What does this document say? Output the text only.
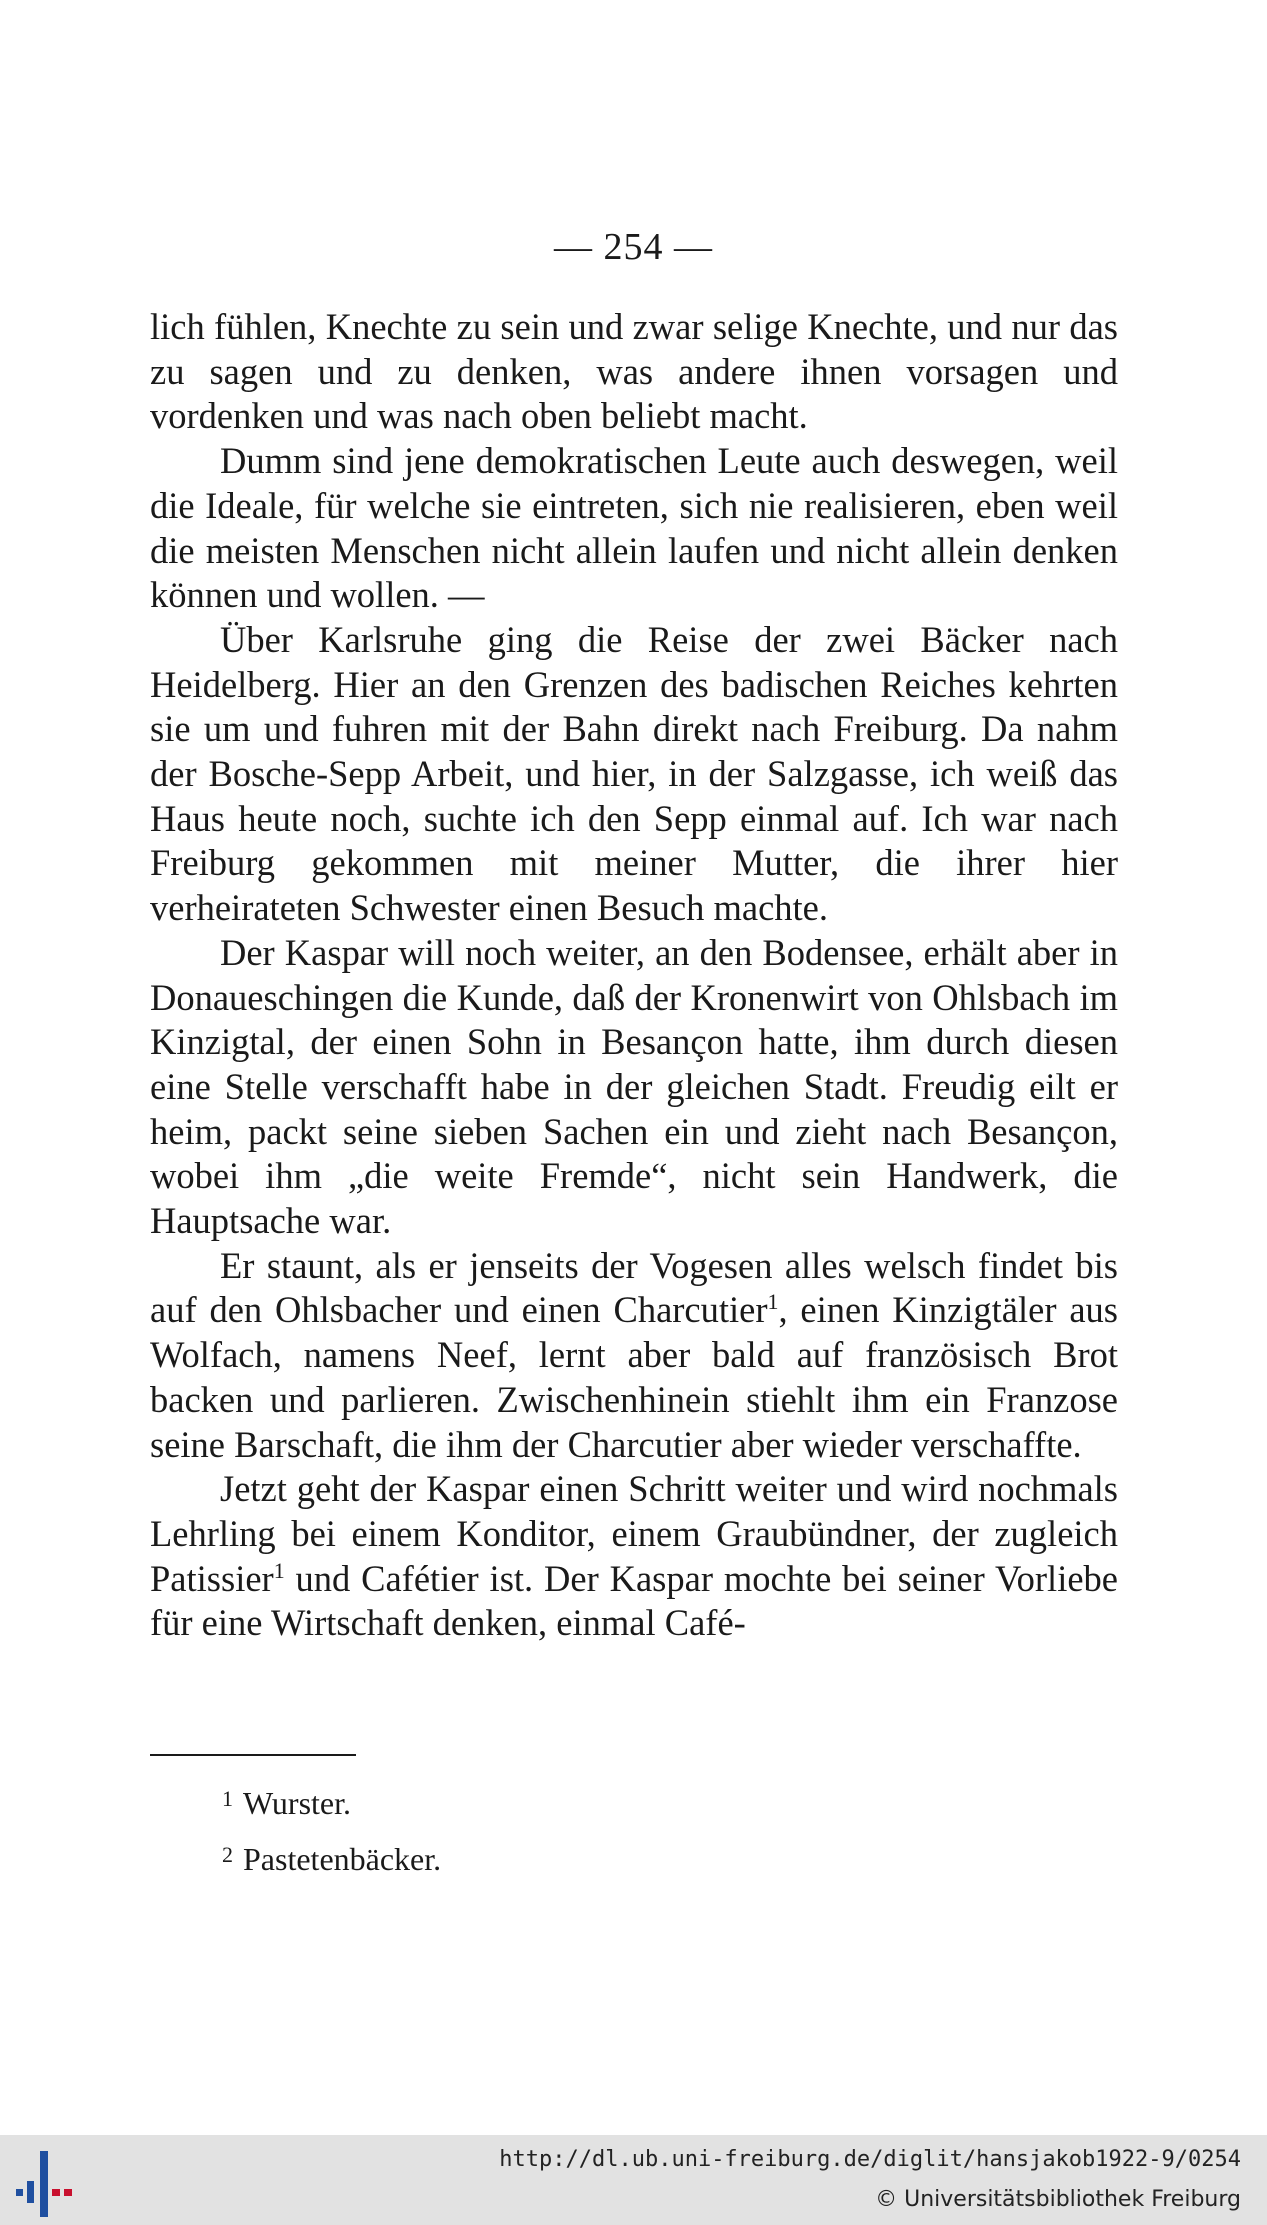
— 254 —

lich fühlen, Knechte zu sein und zwar selige Knechte, und nur das zu sagen und zu denken, was andere ihnen vorsagen und vordenken und was nach oben beliebt macht.

Dumm sind jene demokratischen Leute auch deswegen, weil die Ideale, für welche sie eintreten, sich nie realisieren, eben weil die meisten Menschen nicht allein laufen und nicht allein denken können und wollen. —

Über Karlsruhe ging die Reise der zwei Bäcker nach Heidelberg. Hier an den Grenzen des badischen Reiches kehrten sie um und fuhren mit der Bahn direkt nach Freiburg. Da nahm der Bosche-Sepp Arbeit, und hier, in der Salzgasse, ich weiß das Haus heute noch, suchte ich den Sepp einmal auf. Ich war nach Freiburg gekommen mit meiner Mutter, die ihrer hier verheirateten Schwester einen Besuch machte.

Der Kaspar will noch weiter, an den Bodensee, erhält aber in Donaueschingen die Kunde, daß der Kronenwirt von Ohlsbach im Kinzigtal, der einen Sohn in Besançon hatte, ihm durch diesen eine Stelle verschafft habe in der gleichen Stadt. Freudig eilt er heim, packt seine sieben Sachen ein und zieht nach Besançon, wobei ihm „die weite Fremde“, nicht sein Handwerk, die Hauptsache war.

Er staunt, als er jenseits der Vogesen alles welsch findet bis auf den Ohlsbacher und einen Charcutier$^1$, einen Kinzigtäler aus Wolfach, namens Neef, lernt aber bald auf französisch Brot backen und parlieren. Zwischenhinein stiehlt ihm ein Franzose seine Barschaft, die ihm der Charcutier aber wieder verschaffte.

Jetzt geht der Kaspar einen Schritt weiter und wird nochmals Lehrling bei einem Konditor, einem Graubündner, der zugleich Patissier$^1$ und Cafétier ist. Der Kaspar mochte bei seiner Vorliebe für eine Wirtschaft denken, einmal Café-

$^1$ Wurster.
$^2$ Pastetenbäcker.
http://dl.ub.uni-freiburg.de/diglit/hansjakob1922-9/0254
© Universitätsbibliothek Freiburg
